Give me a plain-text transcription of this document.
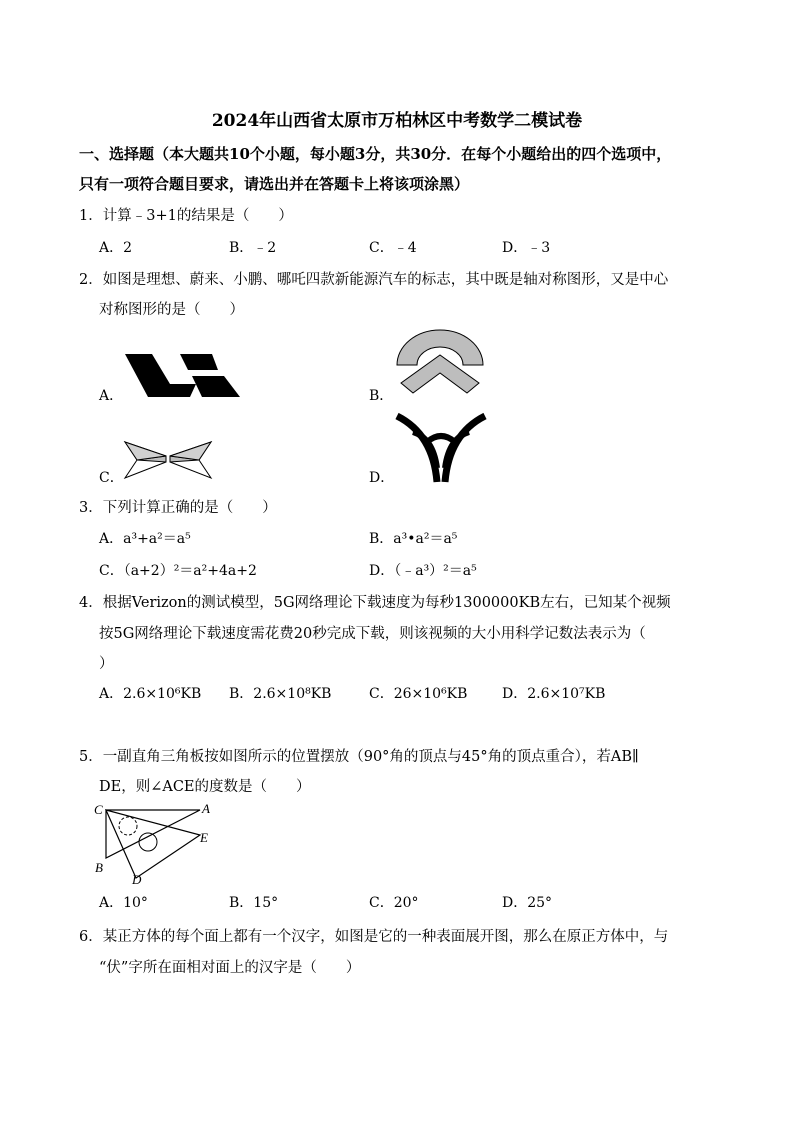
2024年山西省太原市万柏林区中考数学二模试卷
一、选择题（本大题共10个小题，每小题3分，共30分．在每个小题给出的四个选项中，
只有一项符合题目要求，请选出并在答题卡上将该项涂黑）
1．计算﹣3+1的结果是（　　）
A．2	B．﹣2	C．﹣4	D．﹣3
2．如图是理想、蔚来、小鹏、哪吒四款新能源汽车的标志，其中既是轴对称图形，又是中心
对称图形的是（　　）
A．	B．
C．	D．
3．下列计算正确的是（　　）
A．a³+a²＝a⁵	B．a³•a²＝a⁵
C．（a+2）²＝a²+4a+2	D．（﹣a³）²＝a⁵
4．根据Verizon的测试模型，5G网络理论下载速度为每秒1300000KB左右，已知某个视频
按5G网络理论下载速度需花费20秒完成下载，则该视频的大小用科学记数法表示为（
）
A．2.6×10⁶KB B．2.6×10⁸KB	C．26×10⁶KB D．2.6×10⁷KB
5．一副直角三角板按如图所示的位置摆放（90°角的顶点与45°角的顶点重合），若AB∥
DE，则∠ACE的度数是（　　）
C	A
E
B
D
A．10°	B．15°	C．20°	D．25°
6．某正方体的每个面上都有一个汉字，如图是它的一种表面展开图，那么在原正方体中，与
“伏”字所在面相对面上的汉字是（　　）
